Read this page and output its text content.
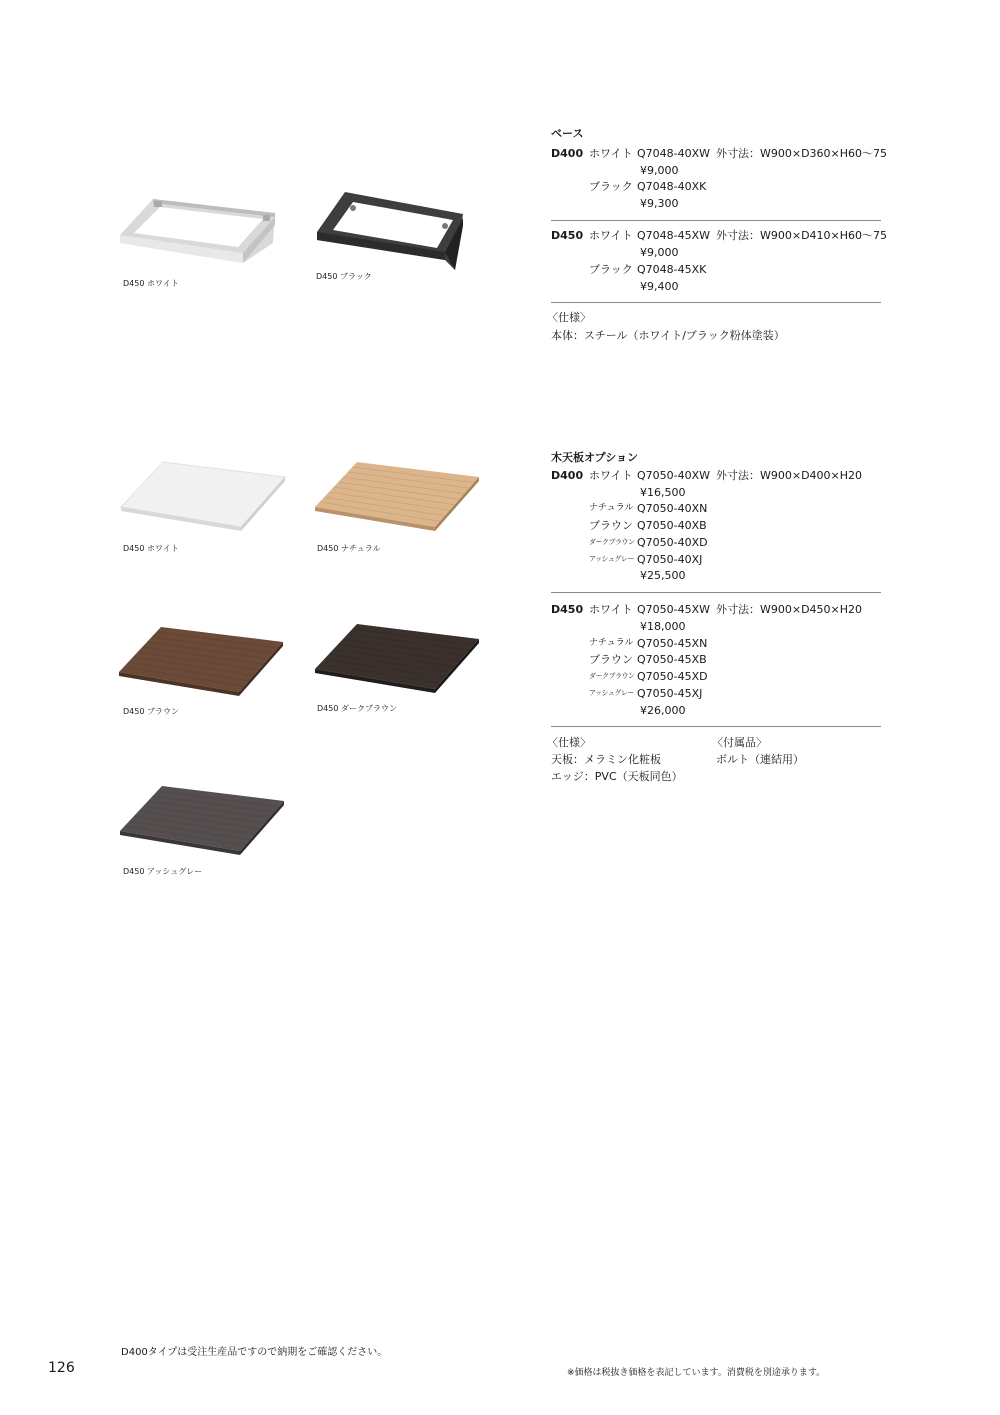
D450 ホワイト
D450 ブラック
D450 ホワイト	D450 ナチュラル
D450 ブラウン	D450 ダークブラウン
D450 アッシュグレー
ベース
D400 ホワイト Q7048-40XW 外寸法：W900×D360×H60〜75
¥9,000
ブラック Q7048-40XK
¥9,300
D450 ホワイト Q7048-45XW 外寸法：W900×D410×H60〜75
¥9,000
ブラック Q7048-45XK
¥9,400
〈仕様〉
本体：スチール（ホワイト/ブラック粉体塗装）
木天板オプション
D400 ホワイト Q7050-40XW 外寸法：W900×D400×H20
¥16,500
ナチュラル Q7050-40XN
ブラウン Q7050-40XB
ダークブラウン Q7050-40XD
アッシュグレー Q7050-40XJ
¥25,500
D450 ホワイト Q7050-45XW 外寸法：W900×D450×H20
¥18,000
ナチュラル Q7050-45XN
ブラウン Q7050-45XB
ダークブラウン Q7050-45XD
アッシュグレー Q7050-45XJ
¥26,000
〈仕様〉
天板：メラミン化粧板
エッジ：PVC（天板同色）
〈付属品〉
ボルト（連結用）
D400タイプは受注生産品ですので納期をご確認ください。
126	※価格は税抜き価格を表記しています。消費税を別途承ります。
